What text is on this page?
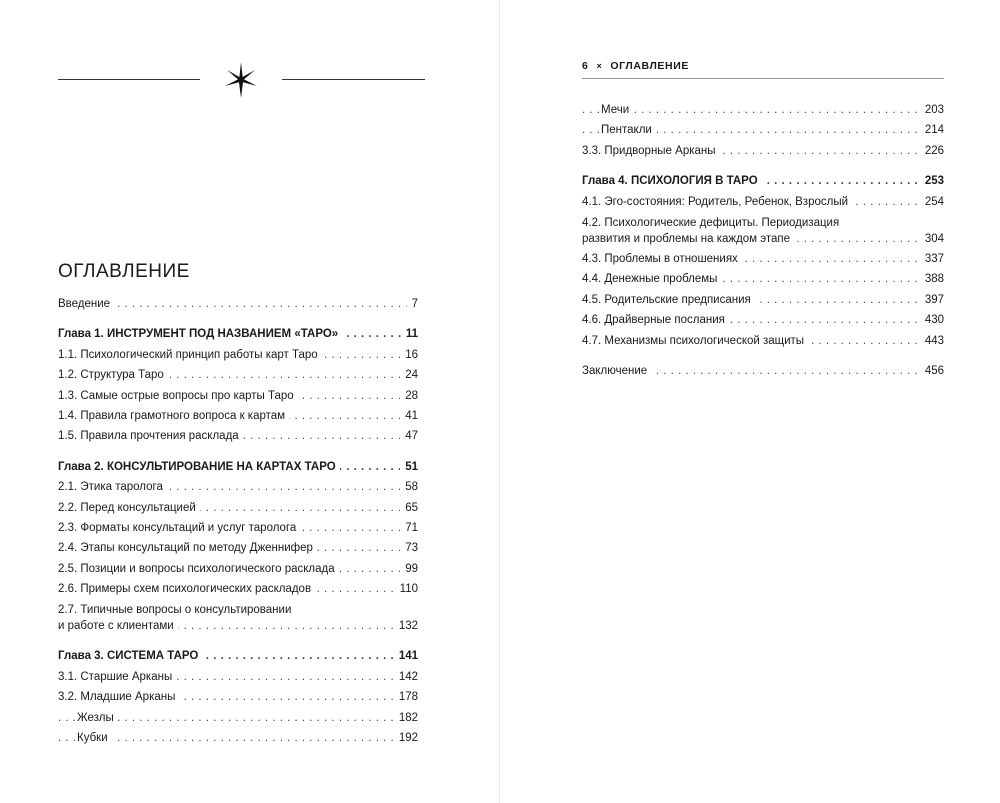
ОГЛАВЛЕНИЕ
. . . Введение	7
. . . Глава 1. ИНСТРУМЕНТ ПОД НАЗВАНИЕМ «ТАРО»	11
. . . 1.1. Психологический принцип работы карт Таро	16
. . . 1.2. Структура Таро	24
. . . 1.3. Самые острые вопросы про карты Таро	28
. . . 1.4. Правила грамотного вопроса к картам	41
. . . 1.5. Правила прочтения расклада	47
. . . Глава 2. КОНСУЛЬТИРОВАНИЕ НА КАРТАХ ТАРО	51
. . . 2.1. Этика таролога	58
. . . 2.2. Перед консультацией	65
. . . 2.3. Форматы консультаций и услуг таролога	71
. . . 2.4. Этапы консультаций по методу Дженнифер	73
. . . 2.5. Позиции и вопросы психологического расклада	99
. . . 2.6. Примеры схем психологических раскладов	110
2.7. Типичные вопросы о консультировании
. . . и работе с клиентами	132
. . . Глава 3. СИСТЕМА ТАРО	141
. . . 3.1. Старшие Арканы	142
. . . 3.2. Младшие Арканы	178
. . . Жезлы	182
. . . Кубки	192
6 × ОГЛАВЛЕНИЕ
. . . Мечи	203
. . . Пентакли	214
. . . 3.3. Придворные Арканы	226
. . . Глава 4. ПСИХОЛОГИЯ В ТАРО	253
. . . 4.1. Эго-состояния: Родитель, Ребенок, Взрослый	254
4.2. Психологические дефициты. Периодизация
. . . развития и проблемы на каждом этапе	304
. . . 4.3. Проблемы в отношениях	337
. . . 4.4. Денежные проблемы	388
. . . 4.5. Родительские предписания	397
. . . 4.6. Драйверные послания	430
. . . 4.7. Механизмы психологической защиты	443
. . . Заключение	456
